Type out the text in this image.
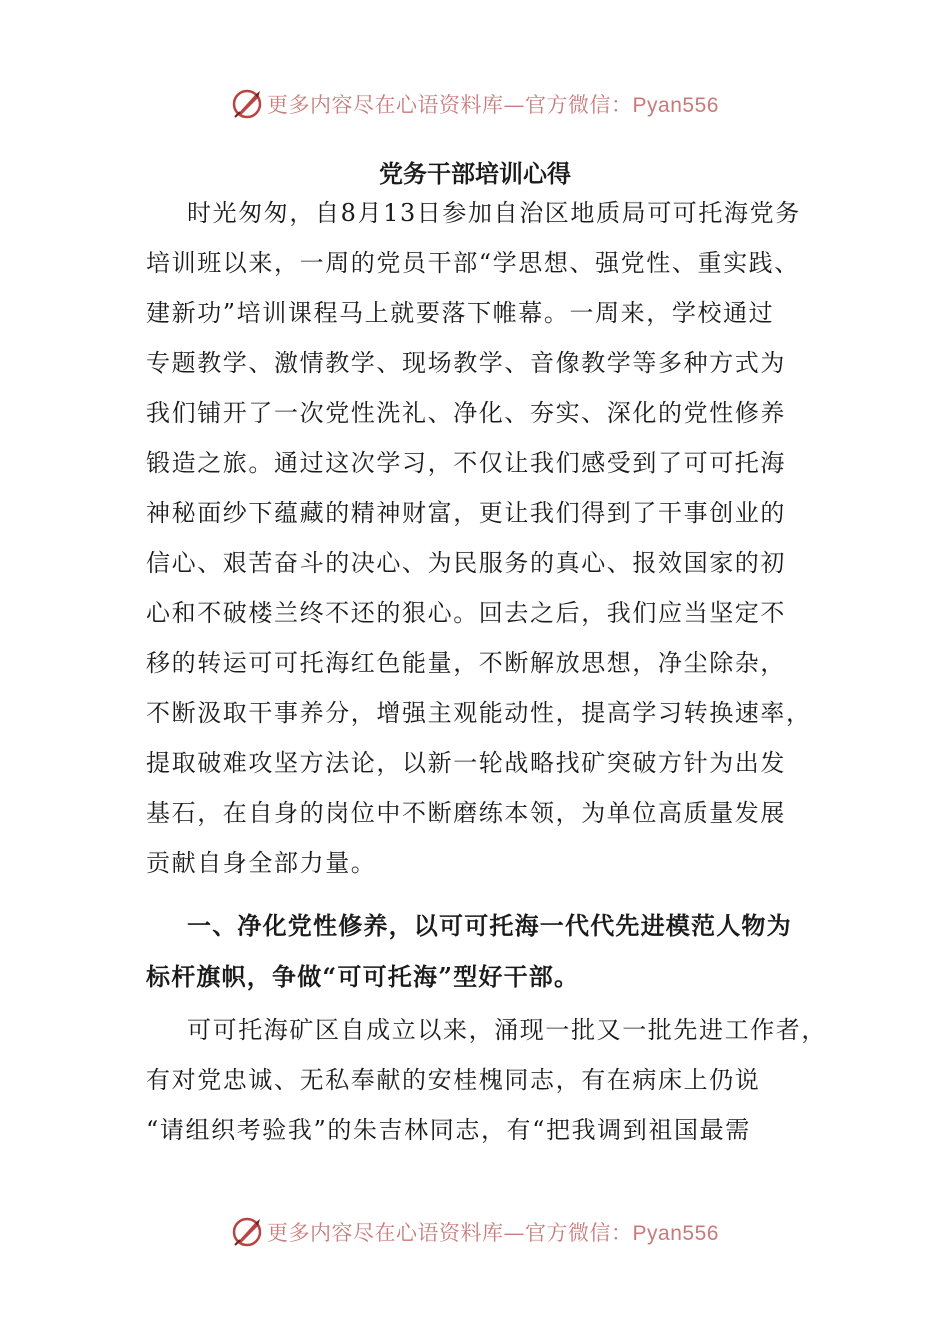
更多内容尽在心语资料库—官方微信：Pyan556
党务干部培训心得
时光匆匆，自8月13日参加自治区地质局可可托海党务
培训班以来，一周的党员干部“学思想、强党性、重实践、
建新功”培训课程马上就要落下帷幕。一周来，学校通过
专题教学、激情教学、现场教学、音像教学等多种方式为
我们铺开了一次党性洗礼、净化、夯实、深化的党性修养
锻造之旅。通过这次学习，不仅让我们感受到了可可托海
神秘面纱下蕴藏的精神财富，更让我们得到了干事创业的
信心、艰苦奋斗的决心、为民服务的真心、报效国家的初
心和不破楼兰终不还的狠心。回去之后，我们应当坚定不
移的转运可可托海红色能量，不断解放思想，净尘除杂，
不断汲取干事养分，增强主观能动性，提高学习转换速率，
提取破难攻坚方法论，以新一轮战略找矿突破方针为出发
基石，在自身的岗位中不断磨练本领，为单位高质量发展
贡献自身全部力量。
一、净化党性修养，以可可托海一代代先进模范人物为
标杆旗帜，争做“可可托海”型好干部。
可可托海矿区自成立以来，涌现一批又一批先进工作者，
有对党忠诚、无私奉献的安桂槐同志，有在病床上仍说
“请组织考验我”的朱吉林同志，有“把我调到祖国最需
更多内容尽在心语资料库—官方微信：Pyan556
